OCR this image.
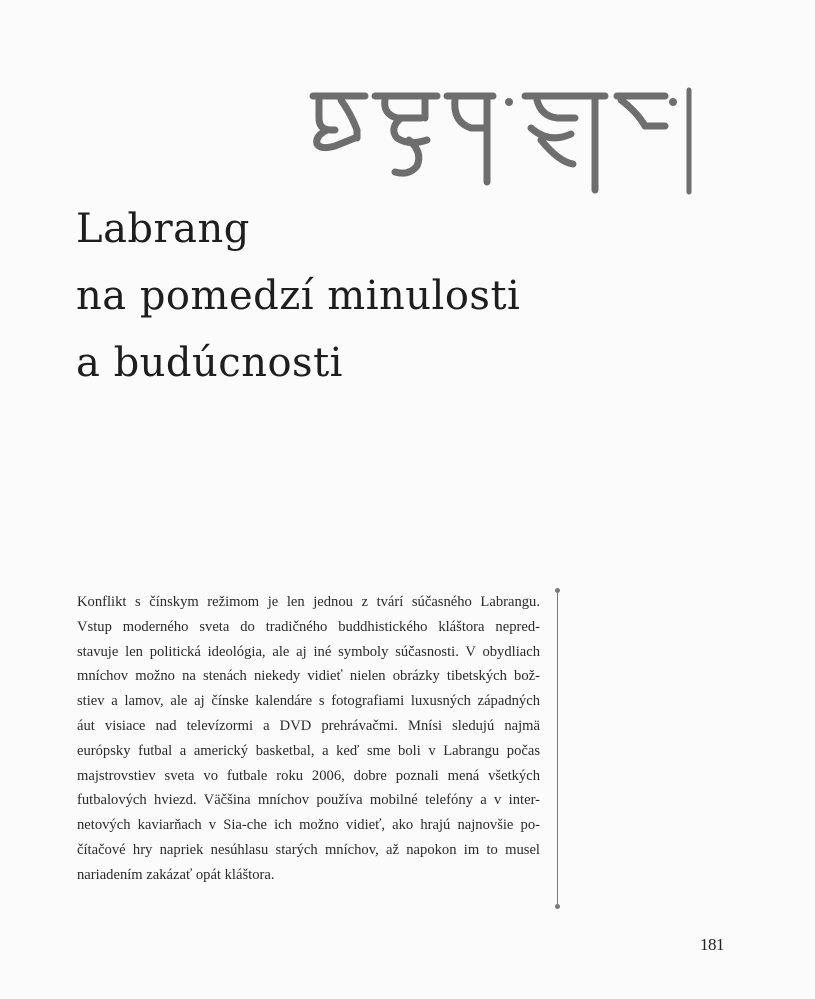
Labrang
na pomedzí minulosti
a budúcnosti

Konflikt s čínskym režimom je len jednou z tvárí súčasného Labrangu.
Vstup moderného sveta do tradičného buddhistického kláštora nepred-
stavuje len politická ideológia, ale aj iné symboly súčasnosti. V obydliach
mníchov možno na stenách niekedy vidieť nielen obrázky tibetských bož-
stiev a lamov, ale aj čínske kalendáre s fotografiami luxusných západných
áut visiace nad televízormi a DVD prehrávačmi. Mnísi sledujú najmä
európsky futbal a americký basketbal, a keď sme boli v Labrangu počas
majstrovstiev sveta vo futbale roku 2006, dobre poznali mená všetkých
futbalových hviezd. Väčšina mníchov používa mobilné telefóny a v inter-
netových kaviarňach v Sia-che ich možno vidieť, ako hrajú najnovšie po-
čítačové hry napriek nesúhlasu starých mníchov, až napokon im to musel
nariadením zakázať opát kláštora.

181
